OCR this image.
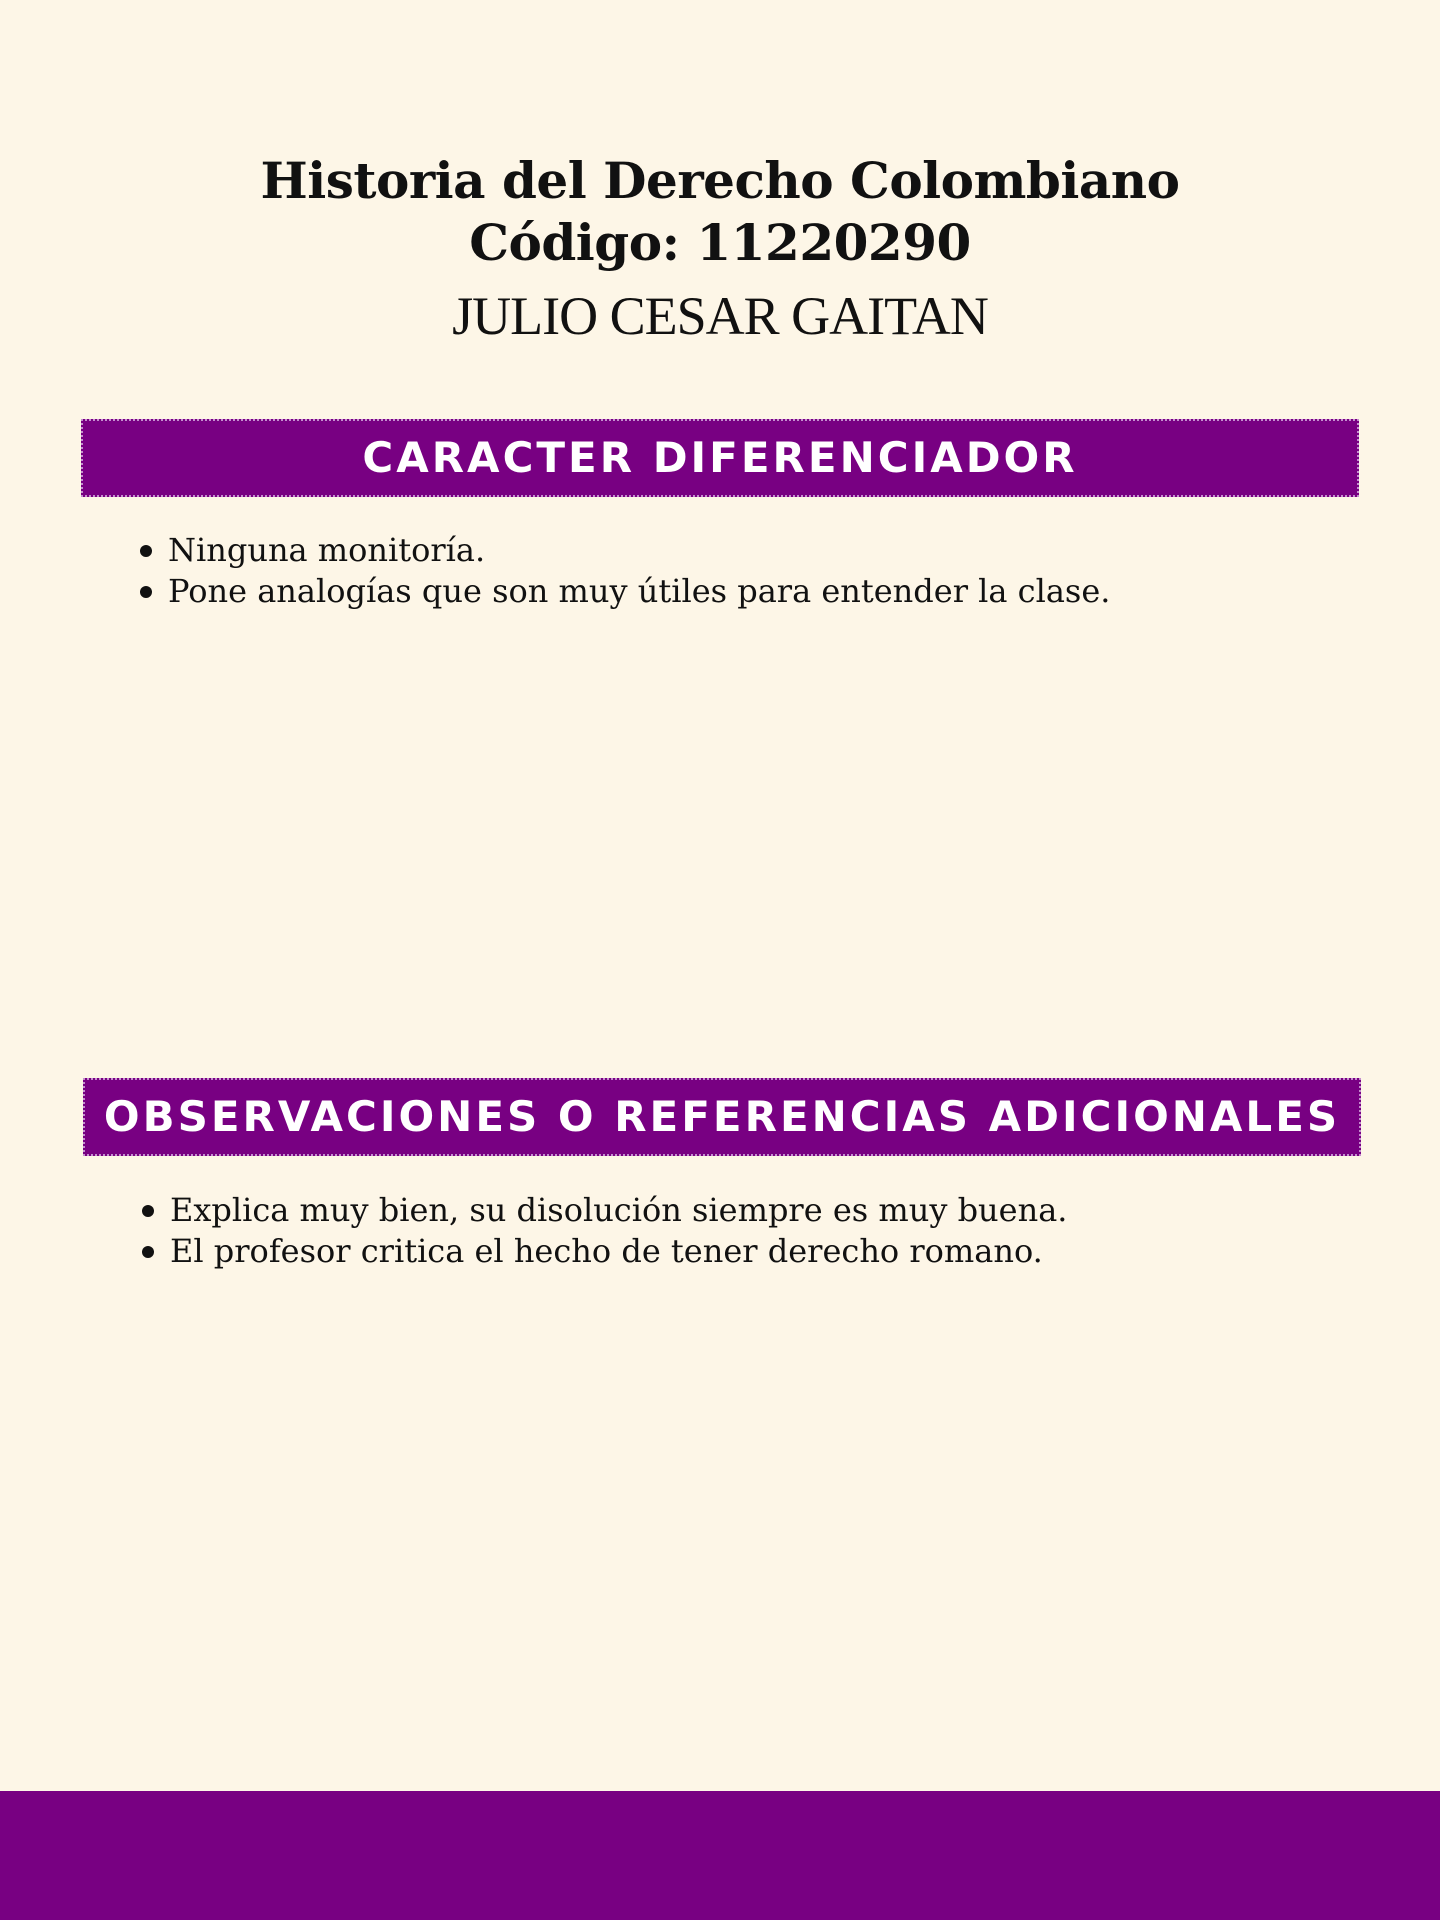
Historia del Derecho Colombiano
Código: 11220290

JULIO CESAR GAITAN

CARACTER DIFERENCIADOR
Ninguna monitoría.
Pone analogías que son muy útiles para entender la clase.
OBSERVACIONES O REFERENCIAS ADICIONALES
Explica muy bien, su disolución siempre es muy buena.
El profesor critica el hecho de tener derecho romano.
